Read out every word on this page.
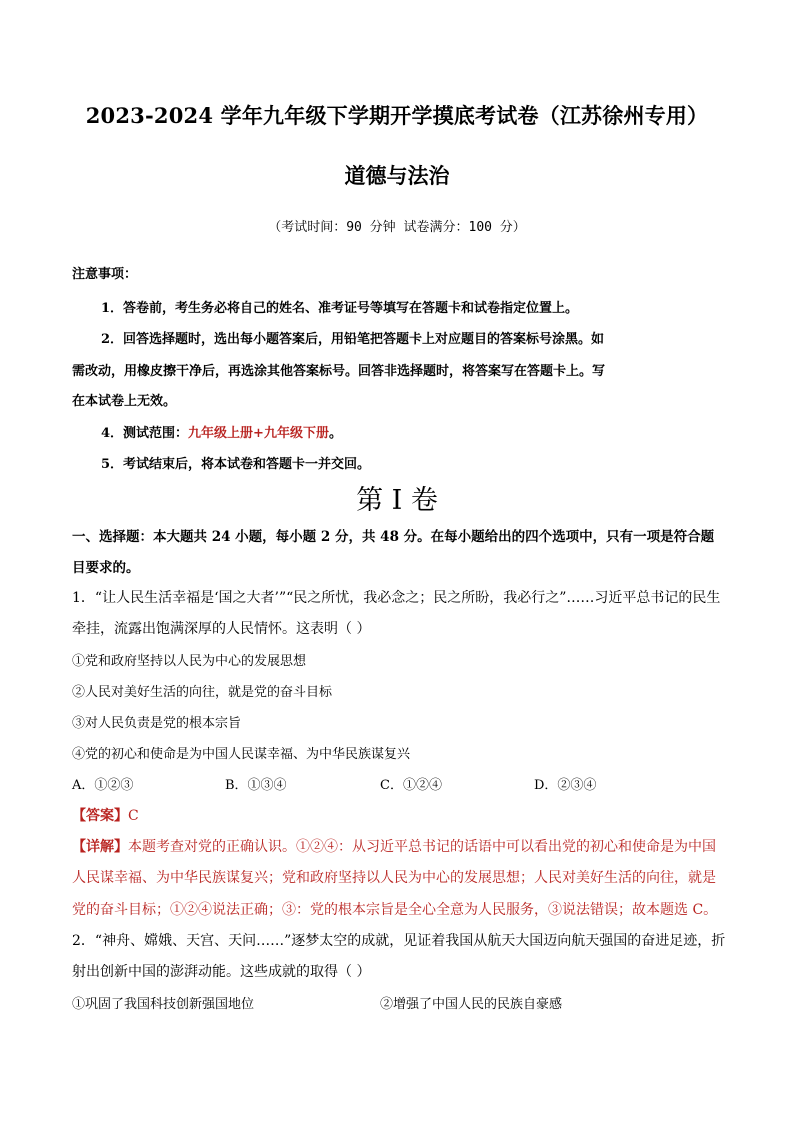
2023-2024 学年九年级下学期开学摸底考试卷（江苏徐州专用）
道德与法治
（考试时间：90 分钟 试卷满分：100 分）
注意事项：
1．答卷前，考生务必将自己的姓名、准考证号等填写在答题卡和试卷指定位置上。
2．回答选择题时，选出每小题答案后，用铅笔把答题卡上对应题目的答案标号涂黑。如
需改动，用橡皮擦干净后，再选涂其他答案标号。回答非选择题时，将答案写在答题卡上。写
在本试卷上无效。
4．测试范围：九年级上册+九年级下册。
5．考试结束后，将本试卷和答题卡一并交回。
第 I 卷
一、选择题：本大题共 24 小题，每小题 2 分，共 48 分。在每小题给出的四个选项中，只有一项是符合题
目要求的。
1．“让人民生活幸福是‘国之大者’”“民之所忧，我必念之；民之所盼，我必行之”……习近平总书记的民生
牵挂，流露出饱满深厚的人民情怀。这表明（ ）
①党和政府坚持以人民为中心的发展思想
②人民对美好生活的向往，就是党的奋斗目标
③对人民负责是党的根本宗旨
④党的初心和使命是为中国人民谋幸福、为中华民族谋复兴
A．①②③	B．①③④	C．①②④	D．②③④
【答案】C
【详解】本题考查对党的正确认识。①②④：从习近平总书记的话语中可以看出党的初心和使命是为中国
人民谋幸福、为中华民族谋复兴；党和政府坚持以人民为中心的发展思想；人民对美好生活的向往，就是
党的奋斗目标；①②④说法正确；③：党的根本宗旨是全心全意为人民服务，③说法错误；故本题选 C。
2．“神舟、嫦娥、天宫、天问……”逐梦太空的成就，见证着我国从航天大国迈向航天强国的奋进足迹，折
射出创新中国的澎湃动能。这些成就的取得（ ）
①巩固了我国科技创新强国地位	②增强了中国人民的民族自豪感
